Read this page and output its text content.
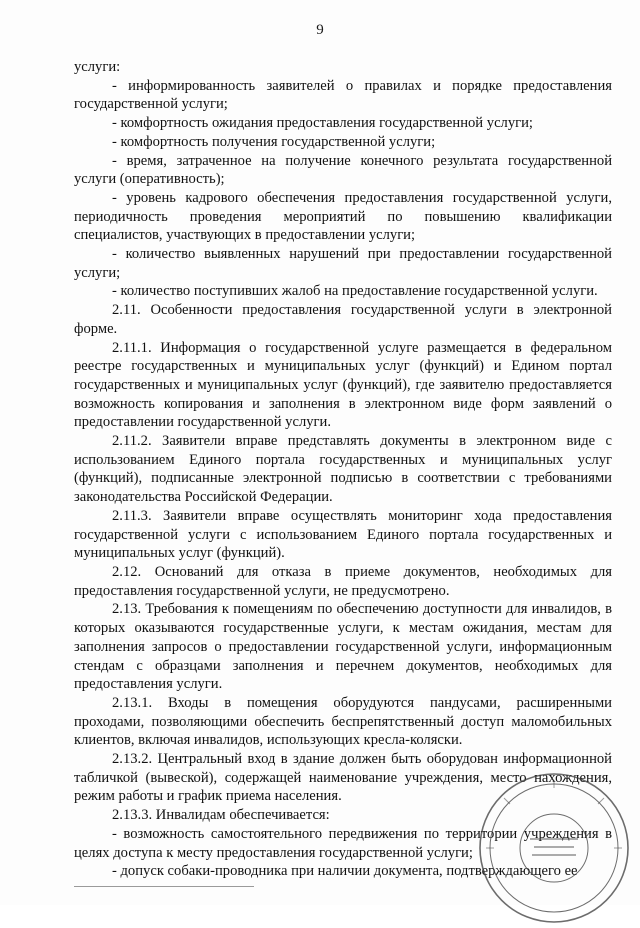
9

услуги:

- информированность заявителей о правилах и порядке предоставления государственной услуги;

- комфортность ожидания предоставления государственной услуги;

- комфортность получения государственной услуги;

- время, затраченное на получение конечного результата государственной услуги (оперативность);

- уровень кадрового обеспечения предоставления государственной услуги, периодичность проведения мероприятий по повышению квалификации специалистов, участвующих в предоставлении услуги;

- количество выявленных нарушений при предоставлении государственной услуги;

- количество поступивших жалоб на предоставление государственной услуги.

2.11. Особенности предоставления государственной услуги в электронной форме.

2.11.1. Информация о государственной услуге размещается в федеральном реестре государственных и муниципальных услуг (функций) и Едином портал государственных и муниципальных услуг (функций), где заявителю предоставляется возможность копирования и заполнения в электронном виде форм заявлений о предоставлении государственной услуги.

2.11.2. Заявители вправе представлять документы в электронном виде с использованием Единого портала государственных и муниципальных услуг (функций), подписанные электронной подписью в соответствии с требованиями законодательства Российской Федерации.

2.11.3. Заявители вправе осуществлять мониторинг хода предоставления государственной услуги с использованием Единого портала государственных и муниципальных услуг (функций).

2.12. Оснований для отказа в приеме документов, необходимых для предоставления государственной услуги, не предусмотрено.

2.13. Требования к помещениям по обеспечению доступности для инвалидов, в которых оказываются государственные услуги, к местам ожидания, местам для заполнения запросов о предоставлении государственной услуги, информационным стендам с образцами заполнения и перечнем документов, необходимых для предоставления услуги.

2.13.1. Входы в помещения оборудуются пандусами, расширенными проходами, позволяющими обеспечить беспрепятственный доступ маломобильных клиентов, включая инвалидов, использующих кресла-коляски.

2.13.2. Центральный вход в здание должен быть оборудован информационной табличкой (вывеской), содержащей наименование учреждения, место нахождения, режим работы и график приема населения.

2.13.3. Инвалидам обеспечивается:

- возможность самостоятельного передвижения по территории учреждения в целях доступа к месту предоставления государственной услуги;

- допуск собаки-проводника при наличии документа, подтверждающего ее
